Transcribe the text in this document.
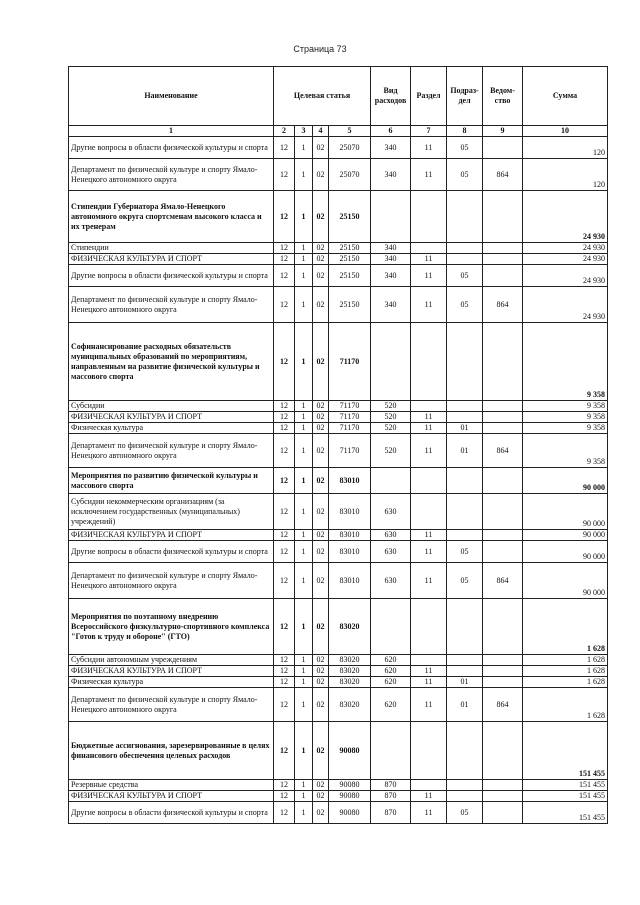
Страница 73
Наименование	Целевая статья				Вид расходов	Раздел	Подраз-дел	Ведом-ство	Сумма
1	2	3	4	5	6	7	8	9	10
Другие вопросы в области физической культуры и спорта	12	1	02	25070	340	11	05		120
Департамент по физической культуре и спорту Ямало-Ненецкого автономного округа	12	1	02	25070	340	11	05	864	120
Стипендии Губернатора Ямало-Ненецкого автономного округа спортсменам высокого класса и их тренерам	12	1	02	25150					24 930
Стипендии	12	1	02	25150	340				24 930
ФИЗИЧЕСКАЯ КУЛЬТУРА И СПОРТ	12	1	02	25150	340	11			24 930
Другие вопросы в области физической культуры и спорта	12	1	02	25150	340	11	05		24 930
Департамент по физической культуре и спорту Ямало-Ненецкого автономного округа	12	1	02	25150	340	11	05	864	24 930
Софинансирование расходных обязательств муниципальных образований по мероприятиям, направленным на развитие физической культуры и массового спорта	12	1	02	71170					9 358
Субсидии	12	1	02	71170	520				9 358
ФИЗИЧЕСКАЯ КУЛЬТУРА И СПОРТ	12	1	02	71170	520	11			9 358
Физическая культура	12	1	02	71170	520	11	01		9 358
Департамент по физической культуре и спорту Ямало-Ненецкого автономного округа	12	1	02	71170	520	11	01	864	9 358
Мероприятия по развитию физической культуры и массового спорта	12	1	02	83010					90 000
Субсидии некоммерческим организациям (за исключением государственных (муниципальных) учреждений)	12	1	02	83010	630				90 000
ФИЗИЧЕСКАЯ КУЛЬТУРА И СПОРТ	12	1	02	83010	630	11			90 000
Другие вопросы в области физической культуры и спорта	12	1	02	83010	630	11	05		90 000
Департамент по физической культуре и спорту Ямало-Ненецкого автономного округа	12	1	02	83010	630	11	05	864	90 000
Мероприятия по поэтапному внедрению Всероссийского физкультурно-спортивного комплекса "Готов к труду и обороне" (ГТО)	12	1	02	83020					1 628
Субсидии автономным учреждениям	12	1	02	83020	620				1 628
ФИЗИЧЕСКАЯ КУЛЬТУРА И СПОРТ	12	1	02	83020	620	11			1 628
Физическая культура	12	1	02	83020	620	11	01		1 628
Департамент по физической культуре и спорту Ямало-Ненецкого автономного округа	12	1	02	83020	620	11	01	864	1 628
Бюджетные ассигнования, зарезервированные в целях финансового обеспечения целевых расходов	12	1	02	90080					151 455
Резервные средства	12	1	02	90080	870				151 455
ФИЗИЧЕСКАЯ КУЛЬТУРА И СПОРТ	12	1	02	90080	870	11			151 455
Другие вопросы в области физической культуры и спорта	12	1	02	90080	870	11	05		151 455
